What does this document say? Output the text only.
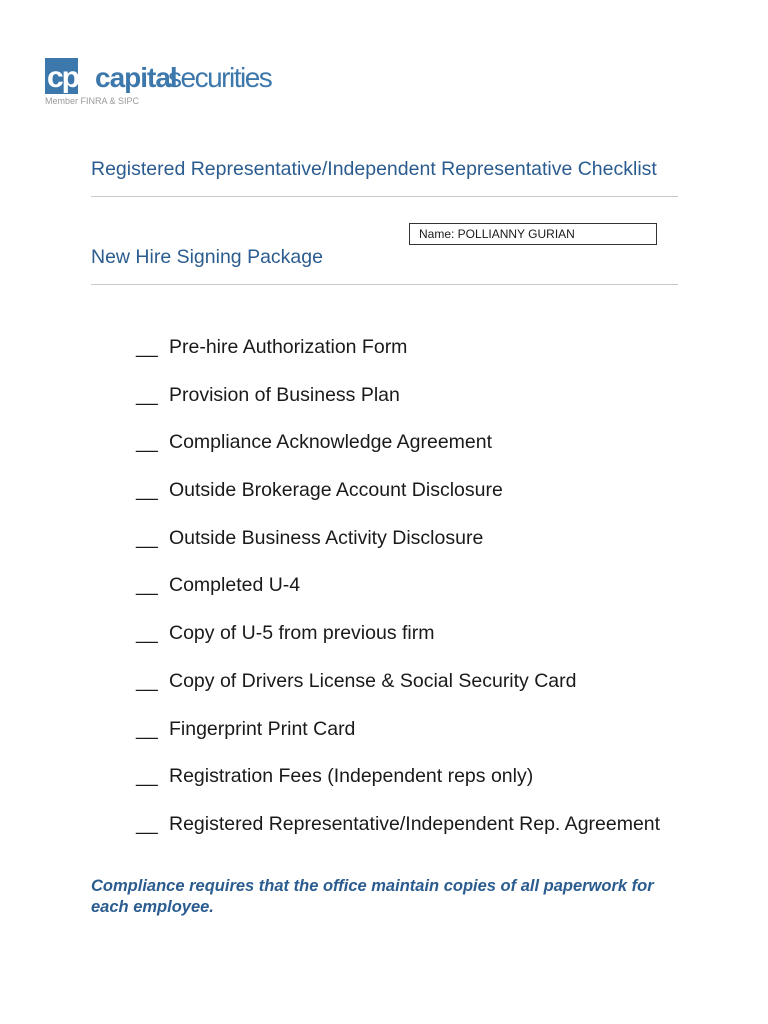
cp capital
securities
Member FINRA & SIPC
Registered Representative/Independent Representative Checklist
Name: POLLIANNY GURIAN
New Hire Signing Package
__ Pre-hire Authorization Form
__ Provision of Business Plan
__ Compliance Acknowledge Agreement
__ Outside Brokerage Account Disclosure
__ Outside Business Activity Disclosure
__ Completed U-4
__ Copy of U-5 from previous firm
__ Copy of Drivers License & Social Security Card
__ Fingerprint Print Card
__ Registration Fees (Independent reps only)
__ Registered Representative/Independent Rep. Agreement

Compliance requires that the office maintain copies of all paperwork for each employee.
